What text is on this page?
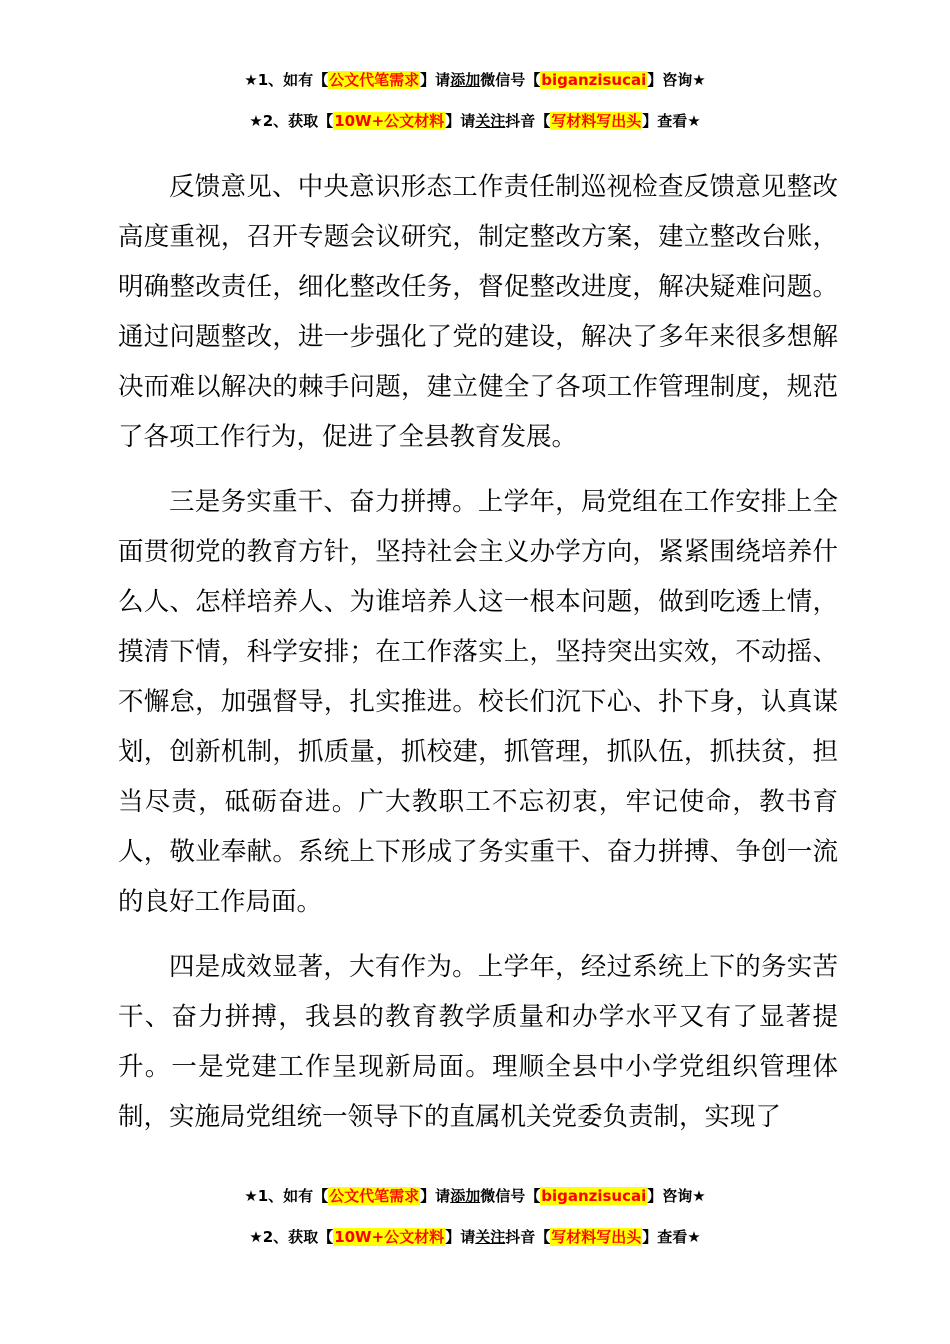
★1、如有【公文代笔需求】请添加微信号【biganzisucai】咨询★
★2、获取【10W+公文材料】请关注抖音【写材料写出头】查看★

反馈意见、中央意识形态工作责任制巡视检查反馈意见整改高度重视，召开专题会议研究，制定整改方案，建立整改台账，明确整改责任，细化整改任务，督促整改进度，解决疑难问题。通过问题整改，进一步强化了党的建设，解决了多年来很多想解决而难以解决的棘手问题，建立健全了各项工作管理制度，规范了各项工作行为，促进了全县教育发展。

三是务实重干、奋力拼搏。上学年，局党组在工作安排上全面贯彻党的教育方针，坚持社会主义办学方向，紧紧围绕培养什么人、怎样培养人、为谁培养人这一根本问题，做到吃透上情，摸清下情，科学安排；在工作落实上，坚持突出实效，不动摇、不懈怠，加强督导，扎实推进。校长们沉下心、扑下身，认真谋划，创新机制，抓质量，抓校建，抓管理，抓队伍，抓扶贫，担当尽责，砥砺奋进。广大教职工不忘初衷，牢记使命，教书育人，敬业奉献。系统上下形成了务实重干、奋力拼搏、争创一流的良好工作局面。

四是成效显著，大有作为。上学年，经过系统上下的务实苦干、奋力拼搏，我县的教育教学质量和办学水平又有了显著提升。一是党建工作呈现新局面。理顺全县中小学党组织管理体制，实施局党组统一领导下的直属机关党委负责制，实现了

★1、如有【公文代笔需求】请添加微信号【biganzisucai】咨询★
★2、获取【10W+公文材料】请关注抖音【写材料写出头】查看★
